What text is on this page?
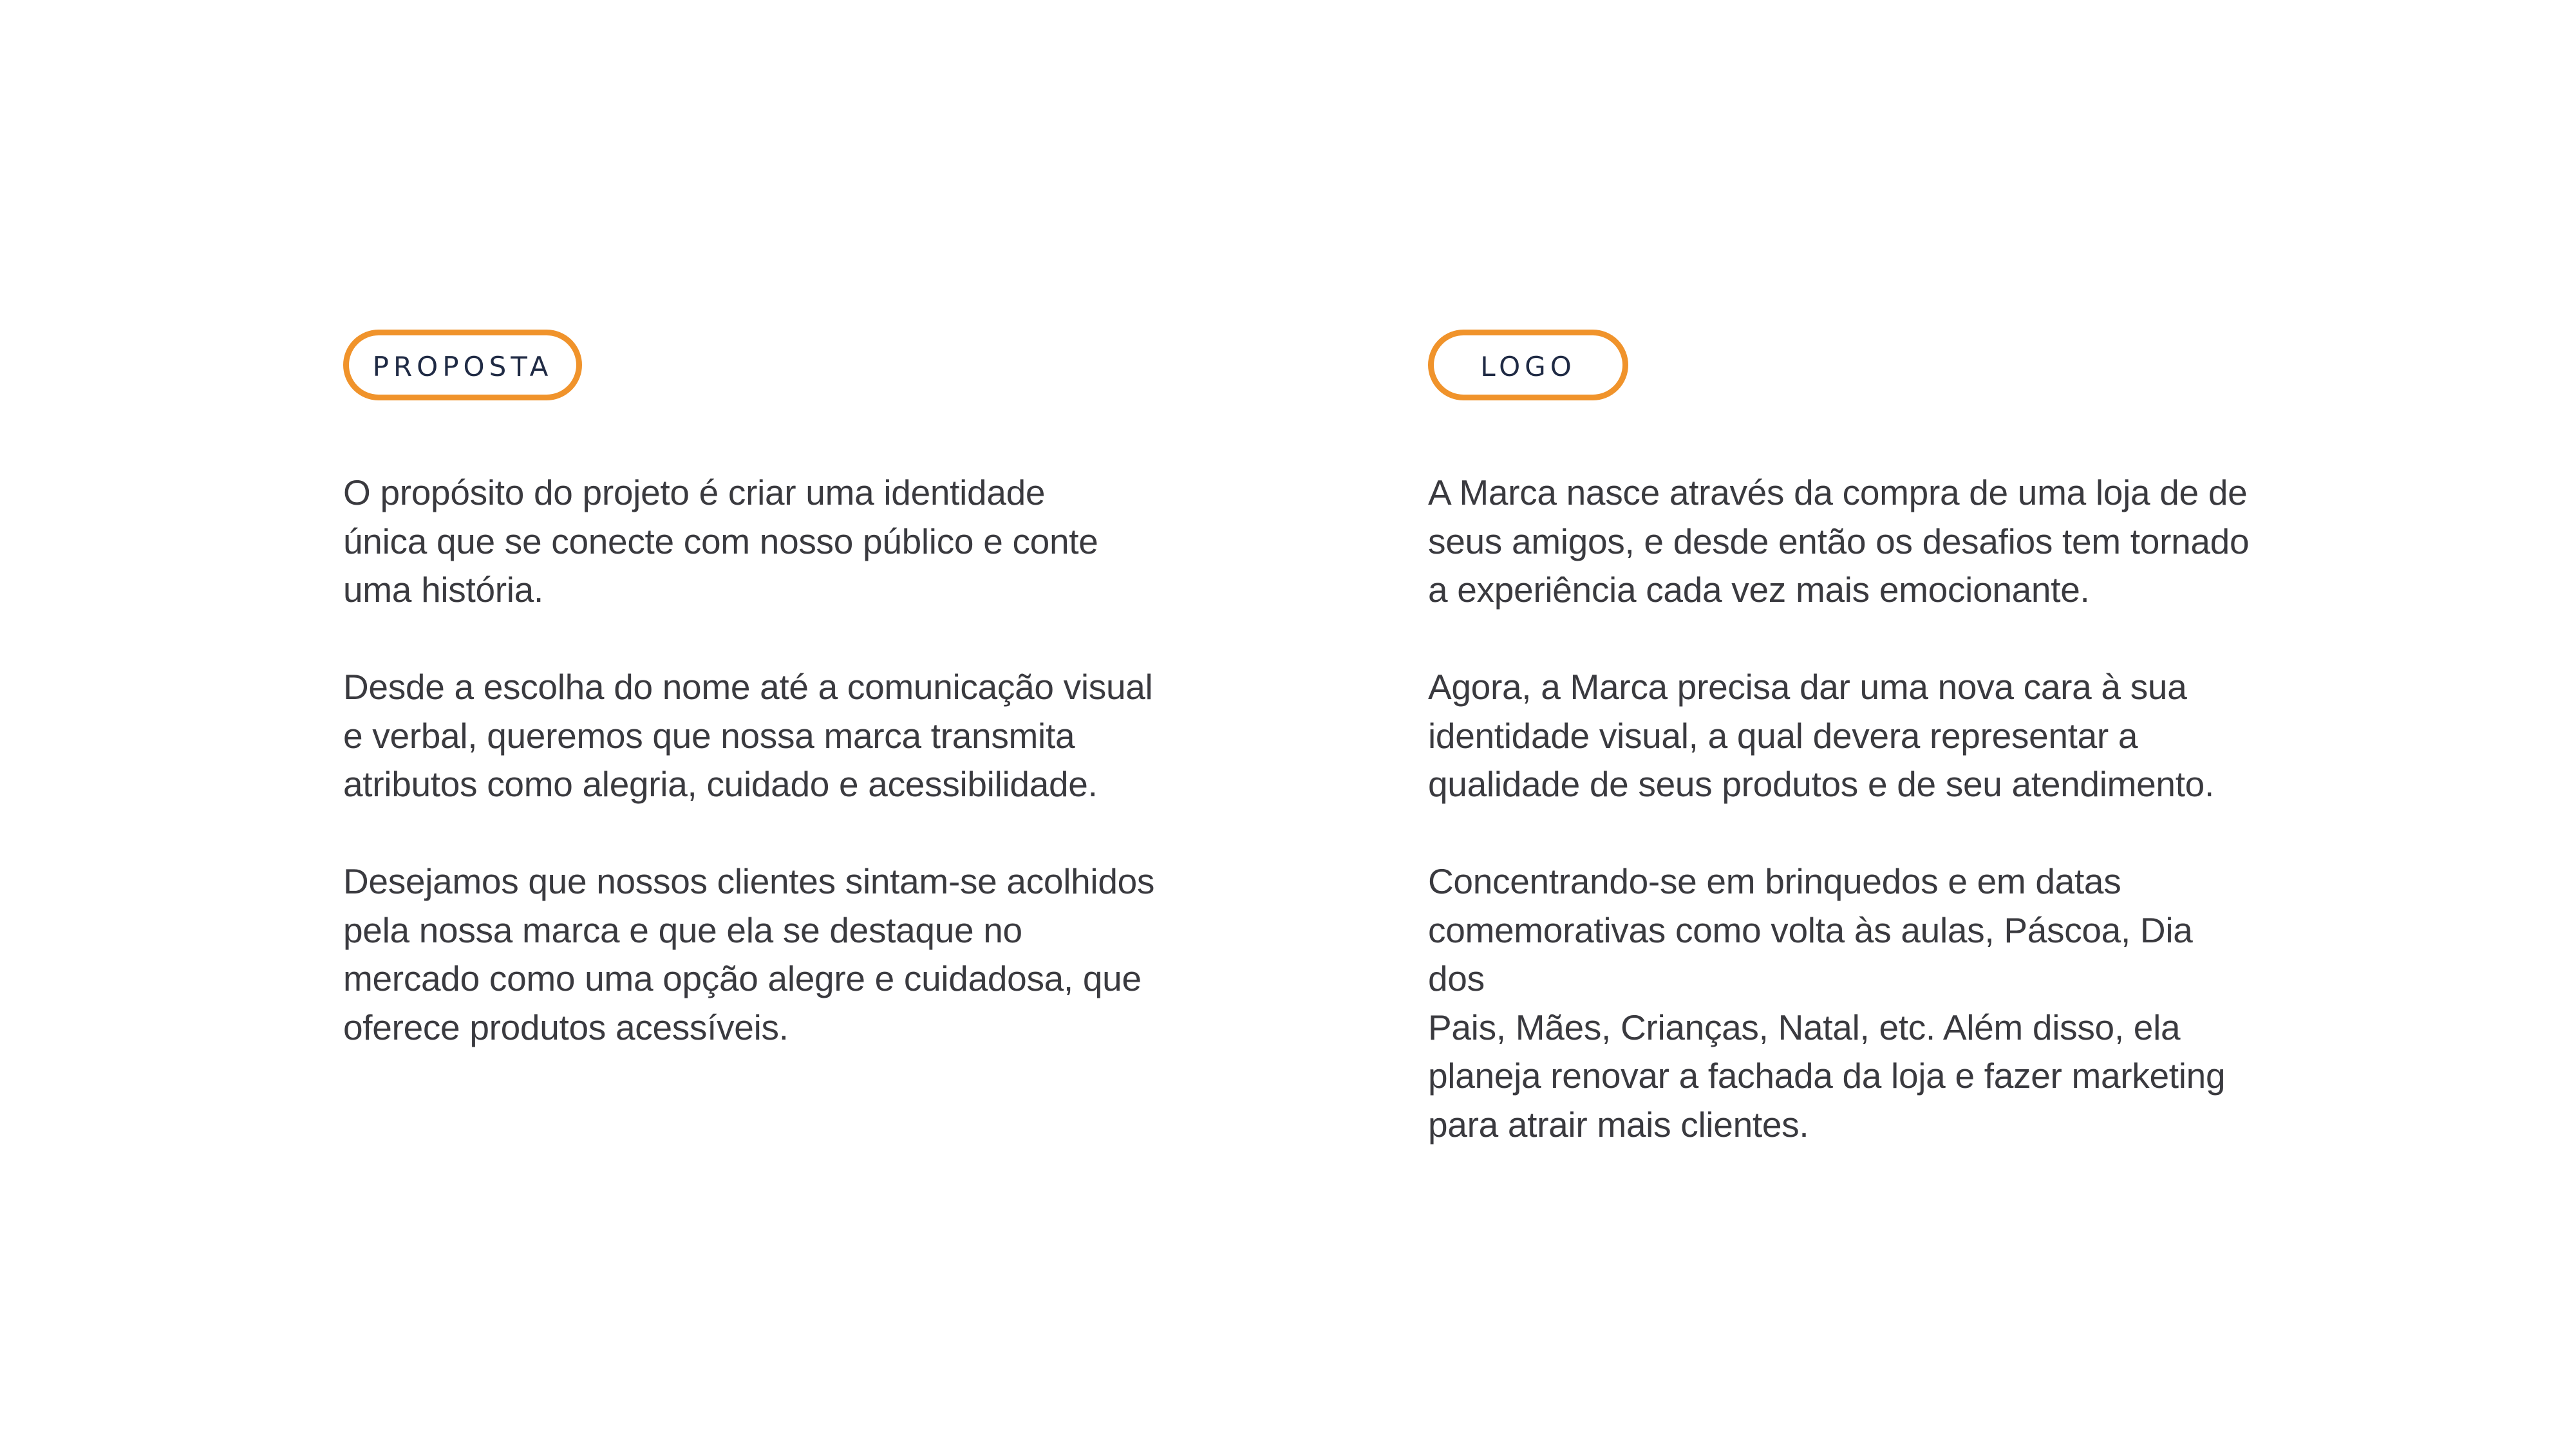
PROPOSTA

O propósito do projeto é criar uma identidade
única que se conecte com nosso público e conte
uma história.

Desde a escolha do nome até a comunicação visual
e verbal, queremos que nossa marca transmita
atributos como alegria, cuidado e acessibilidade.

Desejamos que nossos clientes sintam-se acolhidos
pela nossa marca e que ela se destaque no
mercado como uma opção alegre e cuidadosa, que
oferece produtos acessíveis.

LOGO

A Marca nasce através da compra de uma loja de de
seus amigos, e desde então os desafios tem tornado
a experiência cada vez mais emocionante.

Agora, a Marca precisa dar uma nova cara à sua
identidade visual, a qual devera representar a
qualidade de seus produtos e de seu atendimento.

Concentrando-se em brinquedos e em datas
comemorativas como volta às aulas, Páscoa, Dia dos
Pais, Mães, Crianças, Natal, etc. Além disso, ela
planeja renovar a fachada da loja e fazer marketing
para atrair mais clientes.
